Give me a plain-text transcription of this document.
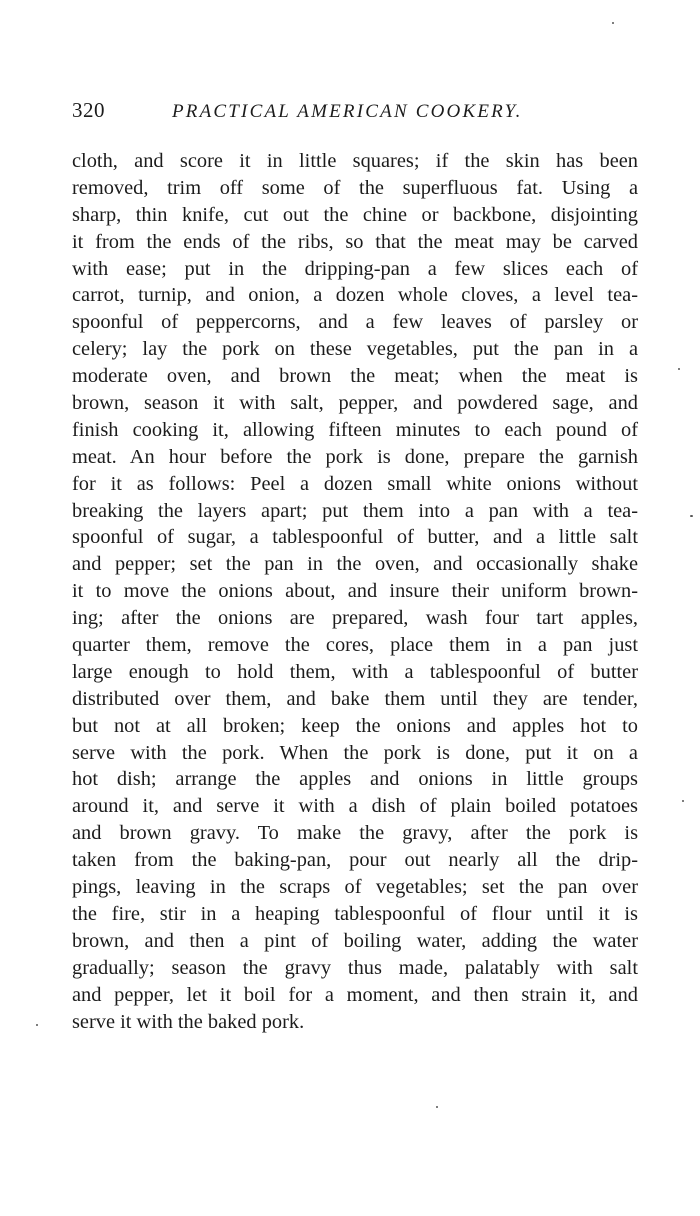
320	PRACTICAL AMERICAN COOKERY.
cloth, and score it in little squares; if the skin has been
removed, trim off some of the superfluous fat. Using a
sharp, thin knife, cut out the chine or backbone, disjointing
it from the ends of the ribs, so that the meat may be carved
with ease; put in the dripping-pan a few slices each of
carrot, turnip, and onion, a dozen whole cloves, a level tea-
spoonful of peppercorns, and a few leaves of parsley or
celery; lay the pork on these vegetables, put the pan in a
moderate oven, and brown the meat; when the meat is
brown, season it with salt, pepper, and powdered sage, and
finish cooking it, allowing fifteen minutes to each pound of
meat. An hour before the pork is done, prepare the garnish
for it as follows: Peel a dozen small white onions without
breaking the layers apart; put them into a pan with a tea-
spoonful of sugar, a tablespoonful of butter, and a little salt
and pepper; set the pan in the oven, and occasionally shake
it to move the onions about, and insure their uniform brown-
ing; after the onions are prepared, wash four tart apples,
quarter them, remove the cores, place them in a pan just
large enough to hold them, with a tablespoonful of butter
distributed over them, and bake them until they are tender,
but not at all broken; keep the onions and apples hot to
serve with the pork. When the pork is done, put it on a
hot dish; arrange the apples and onions in little groups
around it, and serve it with a dish of plain boiled potatoes
and brown gravy. To make the gravy, after the pork is
taken from the baking-pan, pour out nearly all the drip-
pings, leaving in the scraps of vegetables; set the pan over
the fire, stir in a heaping tablespoonful of flour until it is
brown, and then a pint of boiling water, adding the water
gradually; season the gravy thus made, palatably with salt
and pepper, let it boil for a moment, and then strain it, and
serve it with the baked pork.
